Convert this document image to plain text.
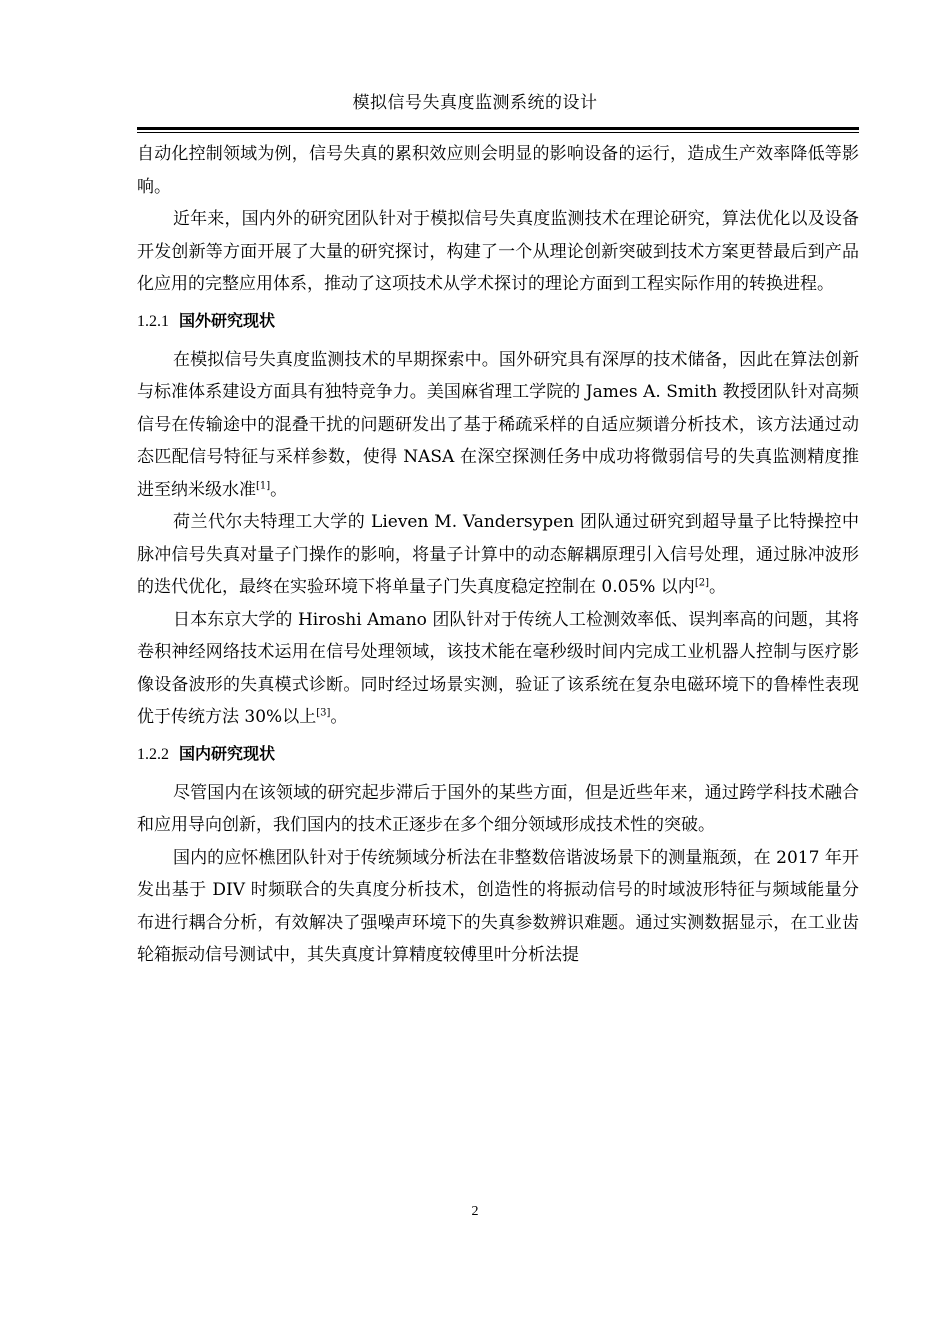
模拟信号失真度监测系统的设计

自动化控制领域为例，信号失真的累积效应则会明显的影响设备的运行，造成生产效率降低等影响。

近年来，国内外的研究团队针对于模拟信号失真度监测技术在理论研究，算法优化以及设备开发创新等方面开展了大量的研究探讨，构建了一个从理论创新突破到技术方案更替最后到产品化应用的完整应用体系，推动了这项技术从学术探讨的理论方面到工程实际作用的转换进程。

1.2.1 国外研究现状

在模拟信号失真度监测技术的早期探索中。国外研究具有深厚的技术储备，因此在算法创新与标准体系建设方面具有独特竞争力。美国麻省理工学院的 James A. Smith 教授团队针对高频信号在传输途中的混叠干扰的问题研发出了基于稀疏采样的自适应频谱分析技术，该方法通过动态匹配信号特征与采样参数，使得 NASA 在深空探测任务中成功将微弱信号的失真监测精度推进至纳米级水准[1]。

荷兰代尔夫特理工大学的 Lieven M. Vandersypen 团队通过研究到超导量子比特操控中脉冲信号失真对量子门操作的影响，将量子计算中的动态解耦原理引入信号处理，通过脉冲波形的迭代优化，最终在实验环境下将单量子门失真度稳定控制在 0.05% 以内[2]。

日本东京大学的 Hiroshi Amano 团队针对于传统人工检测效率低、误判率高的问题，其将卷积神经网络技术运用在信号处理领域，该技术能在毫秒级时间内完成工业机器人控制与医疗影像设备波形的失真模式诊断。同时经过场景实测，验证了该系统在复杂电磁环境下的鲁棒性表现优于传统方法 30%以上[3]。

1.2.2 国内研究现状

尽管国内在该领域的研究起步滞后于国外的某些方面，但是近些年来，通过跨学科技术融合和应用导向创新，我们国内的技术正逐步在多个细分领域形成技术性的突破。

国内的应怀樵团队针对于传统频域分析法在非整数倍谐波场景下的测量瓶颈，在 2017 年开发出基于 DIV 时频联合的失真度分析技术，创造性的将振动信号的时域波形特征与频域能量分布进行耦合分析，有效解决了强噪声环境下的失真参数辨识难题。通过实测数据显示，在工业齿轮箱振动信号测试中，其失真度计算精度较傅里叶分析法提

2
